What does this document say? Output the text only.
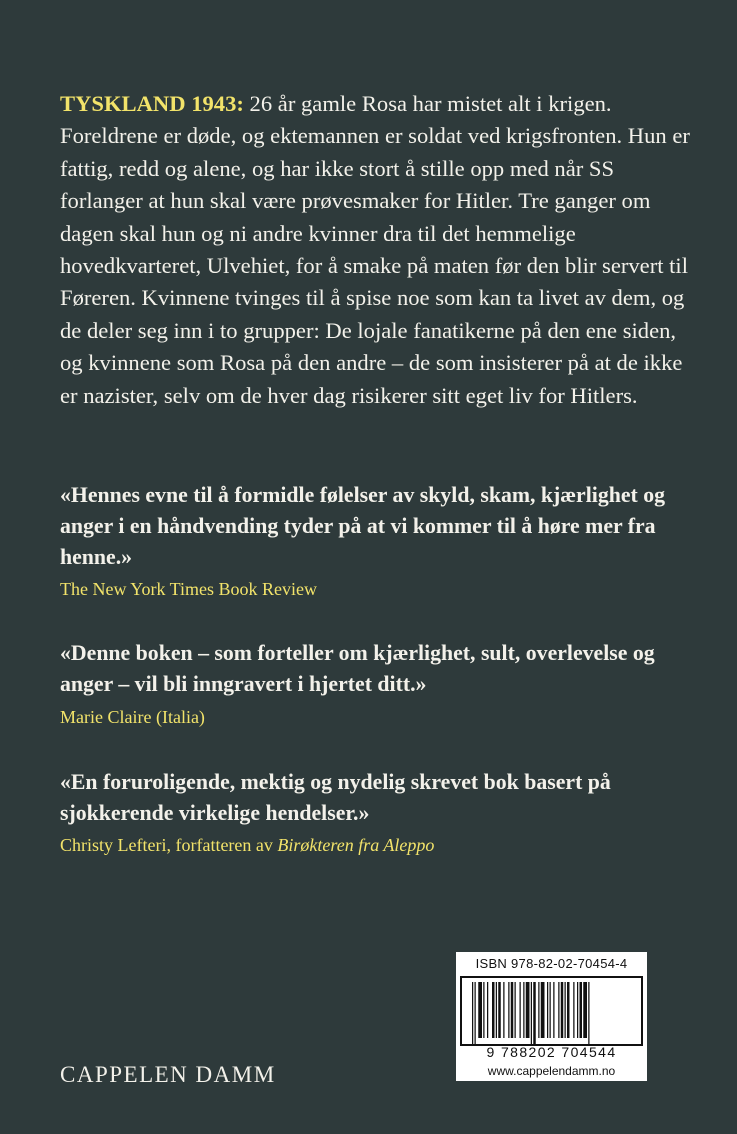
TYSKLAND 1943: 26 år gamle Rosa har mistet alt i krigen. Foreldrene er døde, og ektemannen er soldat ved krigsfronten. Hun er fattig, redd og alene, og har ikke stort å stille opp med når SS forlanger at hun skal være prøvesmaker for Hitler. Tre ganger om dagen skal hun og ni andre kvinner dra til det hemmelige hovedkvarteret, Ulvehiet, for å smake på maten før den blir servert til Føreren. Kvinnene tvinges til å spise noe som kan ta livet av dem, og de deler seg inn i to grupper: De lojale fanatikerne på den ene siden, og kvinnene som Rosa på den andre – de som insisterer på at de ikke er nazister, selv om de hver dag risikerer sitt eget liv for Hitlers.

«Hennes evne til å formidle følelser av skyld, skam, kjærlighet og anger i en håndvending tyder på at vi kommer til å høre mer fra henne.»

The New York Times Book Review

«Denne boken – som forteller om kjærlighet, sult, overlevelse og anger – vil bli inngravert i hjertet ditt.»

Marie Claire (Italia)

«En foruroligende, mektig og nydelig skrevet bok basert på sjokkerende virkelige hendelser.»

Christy Lefteri, forfatteren av Birøkteren fra Aleppo

CAPPELEN DAMM
ISBN 978-82-02-70454-4
9 788202 704544
www.cappelendamm.no
